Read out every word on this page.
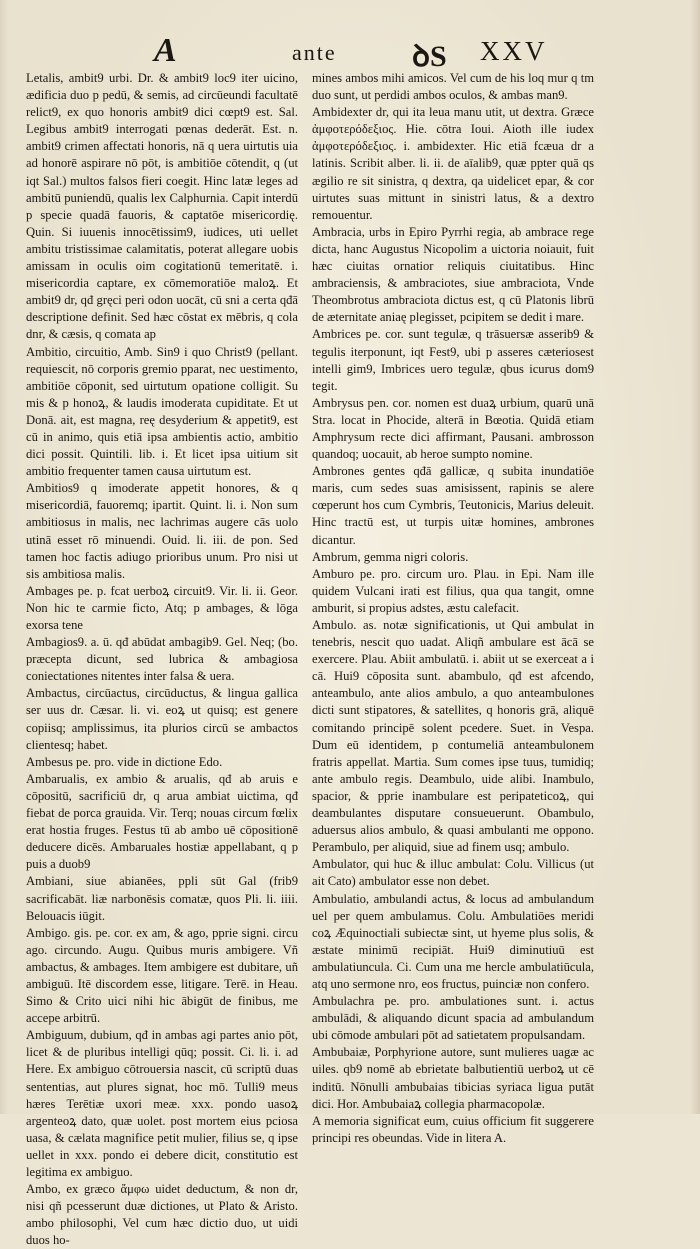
A	ante	ꝺS XXV

Letalis, ambit9 urbi. Dr. & ambit9 loc9 iter uicino, ædificia duo p pedū, & semis, ad circūeundi facultatē relict9, ex quo honoris ambit9 dici cœpt9 est. Sal. Legibus ambit9 interrogati pœnas dederāt. Est. n. ambit9 crimen affectati honoris, nā q uera uirtutis uia ad honorē aspirare nō pōt, is ambitiōe cōtendit, q (ut iqt Sal.) multos falsos fieri coegit. Hinc latæ leges ad ambitū puniendū, qualis lex Calphurnia. Capit interdū p specie quadā fauoris, & captatōe misericordię. Quin. Si iuuenis innocētissim9, iudices, uti uellet ambitu tristissimae calamitatis, poterat allegare uobis amissam in oculis oim cogitationū temeritatē. i. misericordia captare, ex cōmemoratiōe maloꝝ. Et ambit9 dr, qđ gręci peri odon uocāt, cū sni a certa qđā descriptione definit. Sed hæc cōstat ex mēbris, q cola dnr, & cæsis, q comata ap

Ambitio, circuitio, Amb. Sin9 i quo Christ9 (pellant. requiescit, nō corporis gremio pparat, nec uestimento, ambitiōe cōponit, sed uirtutum opatione colligit. Su mis & p honoꝝ, & laudis imoderata cupiditate. Et ut Donā. ait, est magna, reę desyderium & appetit9, est cū in animo, quis etiā ipsa ambientis actio, ambitio dici possit. Quintili. lib. i. Et licet ipsa uitium sit ambitio frequenter tamen causa uirtutum est.

Ambitios9 q imoderate appetit honores, & q misericordiā, fauoremq; ipartit. Quint. li. i. Non sum ambitiosus in malis, nec lachrimas augere cās uolo utinā esset rō minuendi. Ouid. li. iii. de pon. Sed tamen hoc factis adiugo prioribus unum. Pro nisi ut sis ambitiosa malis.

Ambages pe. p. fcat uerboꝝ circuit9. Vir. li. ii. Geor. Non hic te carmie ficto, Atq; p ambages, & lōga exorsa tene

Ambagios9. a. ū. qđ abūdat ambagib9. Gel. Neq; (bo. præcepta dicunt, sed lubrica & ambagiosa coniectationes nitentes inter falsa & uera.

Ambactus, circūactus, circūductus, & lingua gallica ser uus dr. Cæsar. li. vi. eoꝝ ut quisq; est genere copiisq; amplissimus, ita plurios circū se ambactos clientesq; habet.

Ambesus pe. pro. vide in dictione Edo.

Ambarualis, ex ambio & arualis, qđ ab aruis e cōpositū, sacrificiū dr, q arua ambiat uictima, qđ fiebat de porca grauida. Vir. Terq; nouas circum fœlix erat hostia fruges. Festus tū ab ambo uē cōpositionē deducere dicēs. Ambaruales hostiæ appellabant, q p puis a duob9

Ambiani, siue abianēes, ppli sūt Gal (frib9 sacrificabāt. liæ narbonēsis comatæ, quos Pli. li. iiii. Belouacis iūgit.

Ambigo. gis. pe. cor. ex am, & ago, pprie signi. circu ago. circundo. Augu. Quibus muris ambigere. Vñ ambactus, & ambages. Item ambigere est dubitare, uñ ambiguū. Itē discordem esse, litigare. Terē. in Heau. Simo & Crito uici nihi hic ābigūt de finibus, me accepe arbitrū.

Ambiguum, dubium, qđ in ambas agi partes anio pōt, licet & de pluribus intelligi qūq; possit. Ci. li. i. ad Here. Ex ambiguo cōtrouersia nascit, cū scriptū duas sententias, aut plures signat, hoc mō. Tulli9 meus hæres Terētiæ uxori meæ. xxx. pondo uasoꝝ argenteoꝝ dato, quæ uolet. post mortem eius pciosa uasa, & cælata magnifice petit mulier, filius se, q ipse uellet in xxx. pondo ei debere dicit, constitutio est legitima ex ambiguo.

Ambo, ex græco ἄμφω uidet deductum, & non dr, nisi qñ pcesserunt duæ dictiones, ut Plato & Aristo. ambo philosophi, Vel cum hæc dictio duo, ut uidi duos ho-

mines ambos mihi amicos. Vel cum de his loq mur q tm duo sunt, ut perdidi ambos oculos, & ambas man9.

Ambidexter dr, qui ita leua manu utit, ut dextra. Græce ἀμφοτερόδεξιος. Hie. cōtra Ioui. Aioth ille iudex ἀμφοτερόδεξιος. i. ambidexter. Hic etiā fcæua dr a latinis. Scribit alber. li. ii. de aīalib9, quæ ppter quā qs ægilio re sit sinistra, q dextra, qa uidelicet epar, & cor uirtutes suas mittunt in sinistri latus, & a dextro remouentur.

Ambracia, urbs in Epiro Pyrrhi regia, ab ambrace rege dicta, hanc Augustus Nicopolim a uictoria noiauit, fuit hæc ciuitas ornatior reliquis ciuitatibus. Hinc ambraciensis, & ambraciotes, siue ambraciota, Vnde Theombrotus ambraciota dictus est, q cū Platonis librū de æternitate aniaę plegisset, pcipitem se dedit i mare.

Ambrices pe. cor. sunt tegulæ, q trāsuersæ asserib9 & tegulis iterponunt, iqt Fest9, ubi p asseres cæteriosest intelli gim9, Imbrices uero tegulæ, qbus icurus dom9 tegit.

Ambrysus pen. cor. nomen est duaꝝ urbium, quarū unā Stra. locat in Phocide, alterā in Bœotia. Quidā etiam Amphrysum recte dici affirmant, Pausani. ambrosson quandoq; uocauit, ab heroe sumpto nomine.

Ambrones gentes qđā gallicæ, q subita inundatiōe maris, cum sedes suas amisissent, rapinis se alere cœperunt hos cum Cymbris, Teutonicis, Marius deleuit. Hinc tractū est, ut turpis uitæ homines, ambrones dicantur.

Ambrum, gemma nigri coloris.

Amburo pe. pro. circum uro. Plau. in Epi. Nam ille quidem Vulcani irati est filius, qua qua tangit, omne amburit, si propius adstes, æstu calefacit.

Ambulo. as. notæ significationis, ut Qui ambulat in tenebris, nescit quo uadat. Aliqñ ambulare est ācā se exercere. Plau. Abiit ambulatū. i. abiit ut se exerceat a i cā. Hui9 cōposita sunt. abambulo, qđ est afcendo, anteambulo, ante alios ambulo, a quo anteambulones dicti sunt stipatores, & satellites, q honoris grā, aliquē comitando principē solent pcedere. Suet. in Vespa. Dum eū identidem, p contumeliā anteambulonem fratris appellat. Martia. Sum comes ipse tuus, tumidiq; ante ambulo regis. Deambulo, uide alibi. Inambulo, spacior, & pprie inambulare est peripateticoꝝ, qui deambulantes disputare consueuerunt. Obambulo, aduersus alios ambulo, & quasi ambulanti me oppono. Perambulo, per aliquid, siue ad finem usq; ambulo.

Ambulator, qui huc & illuc ambulat: Colu. Villicus (ut ait Cato) ambulator esse non debet.

Ambulatio, ambulandi actus, & locus ad ambulandum uel per quem ambulamus. Colu. Ambulatiōes meridi coꝝ Æquinoctiali subiectæ sint, ut hyeme plus solis, & æstate minimū recipiāt. Hui9 diminutiuū est ambulatiuncula. Ci. Cum una me hercle ambulatiūcula, atq uno sermone nro, eos fructus, puinciæ non confero.

Ambulachra pe. pro. ambulationes sunt. i. actus ambulādi, & aliquando dicunt spacia ad ambulandum ubi cōmode ambulari pōt ad satietatem propulsandam.

Ambubaiæ, Porphyrione autore, sunt mulieres uagæ ac uiles. qb9 nomē ab ebrietate balbutientiū uerboꝝ ut cē inditū. Nōnulli ambubaias tibicias syriaca ligua putāt dici. Hor. Ambubaiaꝝ collegia pharmacopolæ.

A memoria significat eum, cuius officium fit suggerere principi res obeundas. Vide in litera A.
